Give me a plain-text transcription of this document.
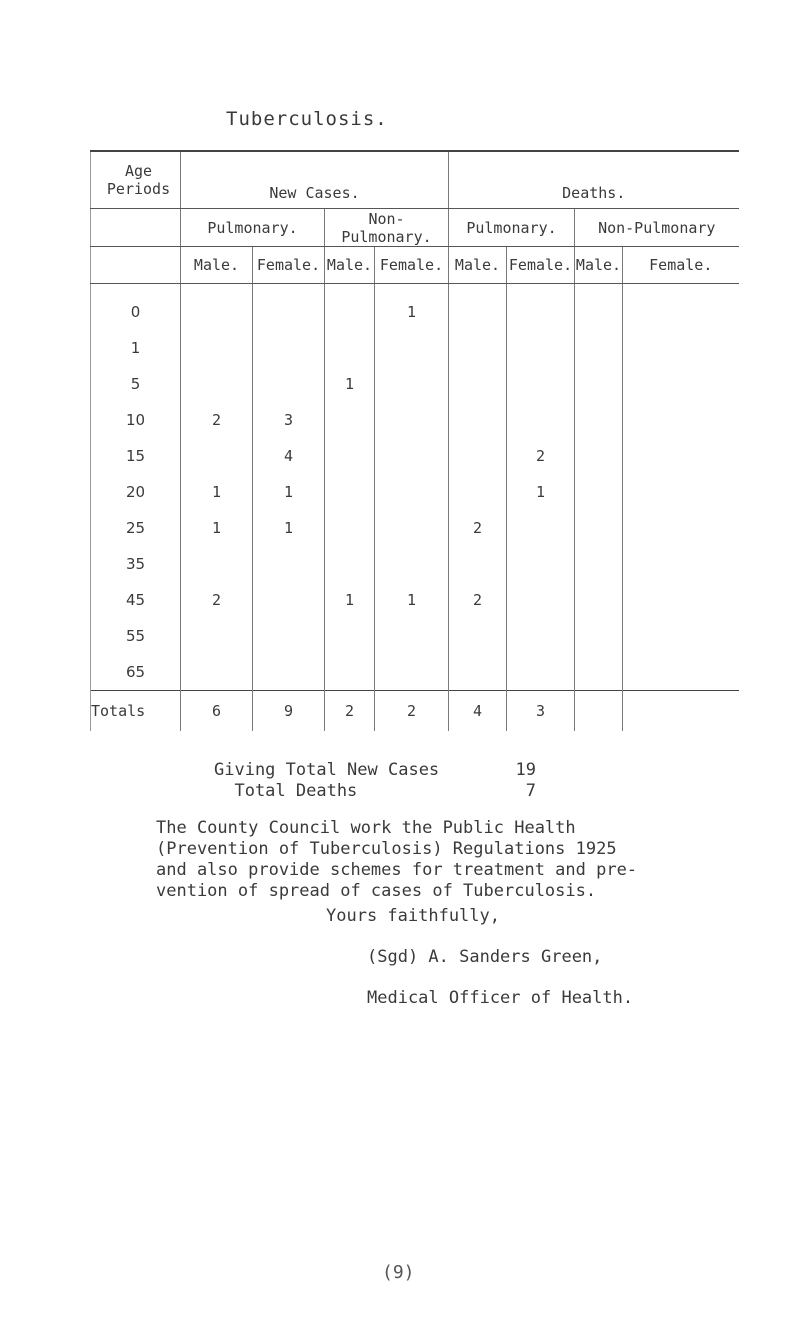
Tuberculosis.
Age
Periods	New Cases.				Deaths.			
	Pulmonary.		Non-Pulmonary.		Pulmonary.		Non-Pulmonary	
	Male.	Female.	Male.	Female.	Male.	Female.	Male.	Female.

0				1				
1								
5			1					
10	2	3						
15		4				2		
20	1	1				1		
25	1	1			2			
35								
45	2		1	1	2			
55								
65								
Totals	6	9	2	2	4	3		
Giving Total New Cases	19
Total Deaths	7
The County Council work the Public Health
(Prevention of Tuberculosis) Regulations 1925
and also provide schemes for treatment and pre-
vention of spread of cases of Tuberculosis.
Yours faithfully,
(Sgd) A. Sanders Green,
Medical Officer of Health.
(9)
